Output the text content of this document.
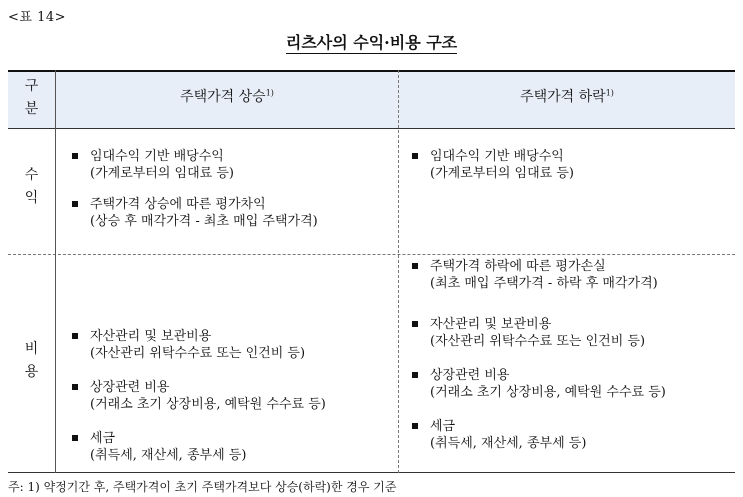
<표 14>
리츠사의 수익·비용 구조
구
분
주택가격 상승$^{1)}$	주택가격 하락$^{1)}$
수
익
임대수익 기반 배당수익
(가계로부터의 임대료 등)
주택가격 상승에 따른 평가차익
(상승 후 매각가격 - 최초 매입 주택가격)
임대수익 기반 배당수익
(가계로부터의 임대료 등)
비
용
자산관리 및 보관비용
(자산관리 위탁수수료 또는 인건비 등)
상장관련 비용
(거래소 초기 상장비용, 예탁원 수수료 등)
세금
(취득세, 재산세, 종부세 등)
주택가격 하락에 따른 평가손실
(최초 매입 주택가격 - 하락 후 매각가격)
자산관리 및 보관비용
(자산관리 위탁수수료 또는 인건비 등)
상장관련 비용
(거래소 초기 상장비용, 예탁원 수수료 등)
세금
(취득세, 재산세, 종부세 등)
주: 1) 약정기간 후, 주택가격이 초기 주택가격보다 상승(하락)한 경우 기준
